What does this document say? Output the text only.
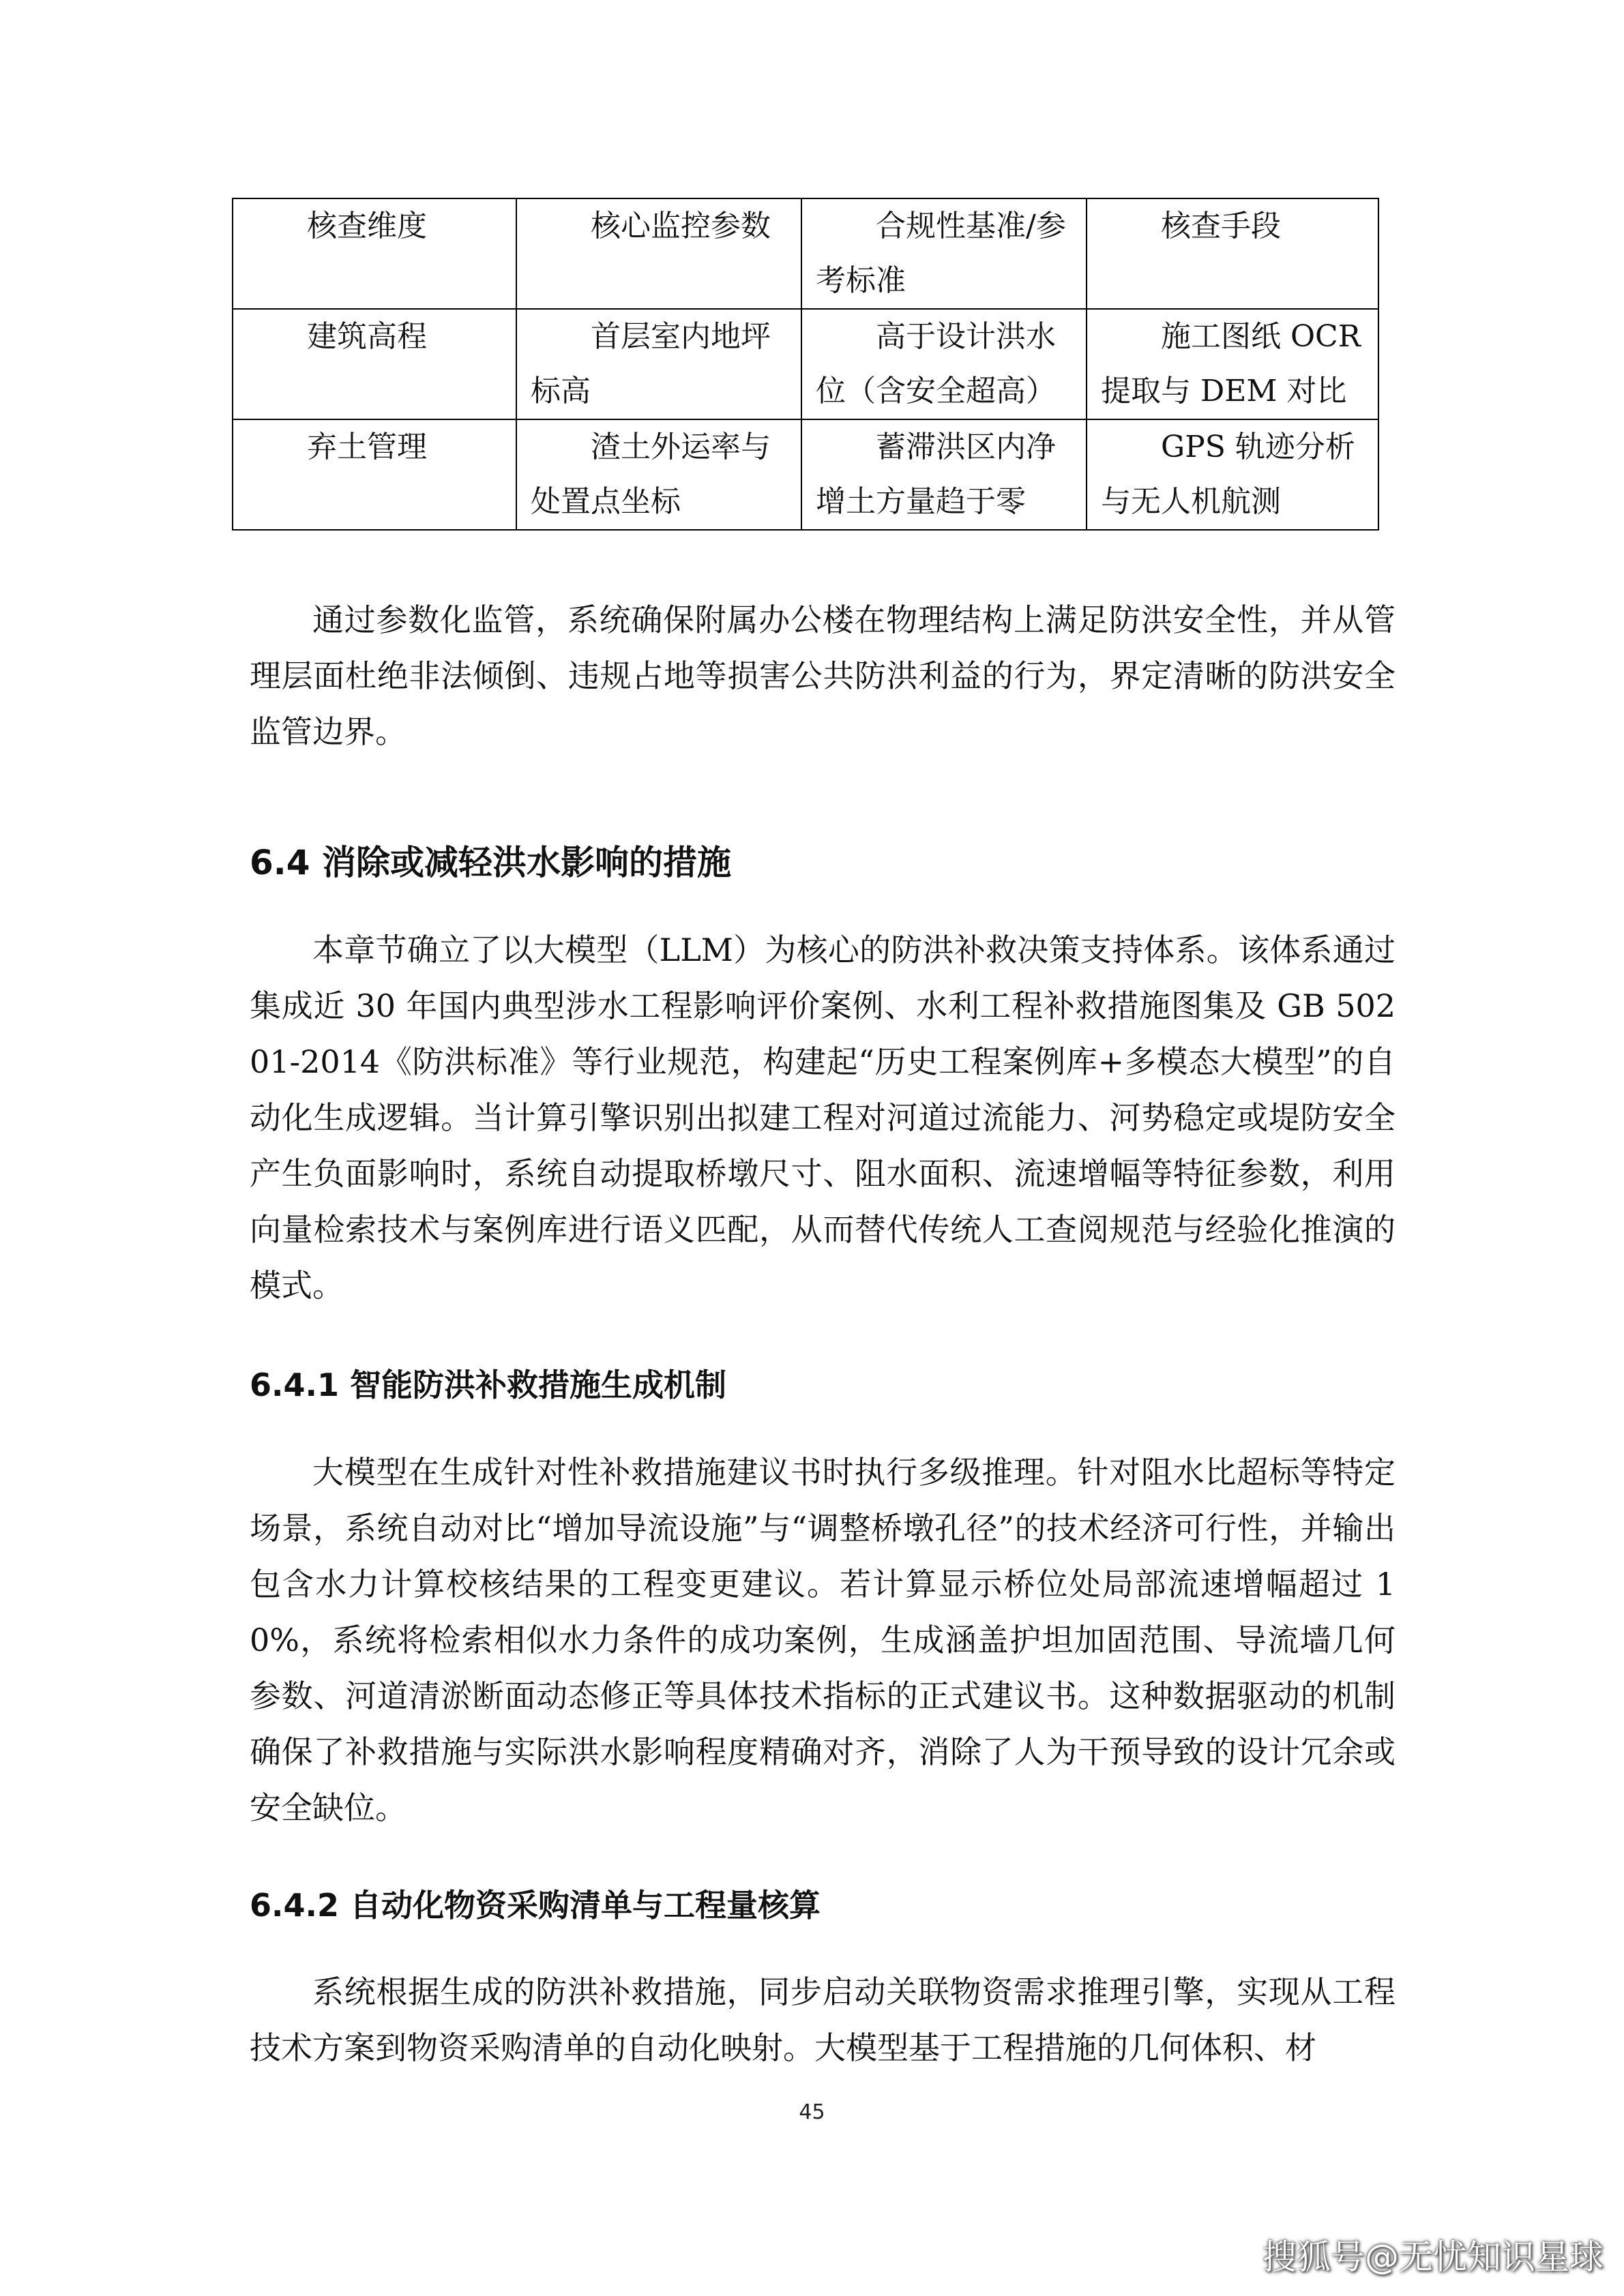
核查维度	核心监控参数	合规性基准/参考标准	核查手段
建筑高程	首层室内地坪标高	高于设计洪水位（含安全超高）	施工图纸 OCR 提取与 DEM 对比
弃土管理	渣土外运率与处置点坐标	蓄滞洪区内净增土方量趋于零	GPS 轨迹分析与无人机航测

通过参数化监管，系统确保附属办公楼在物理结构上满足防洪安全性，并从管理层面杜绝非法倾倒、违规占地等损害公共防洪利益的行为，界定清晰的防洪安全监管边界。

6.4 消除或减轻洪水影响的措施

本章节确立了以大模型（LLM）为核心的防洪补救决策支持体系。该体系通过集成近 30 年国内典型涉水工程影响评价案例、水利工程补救措施图集及 GB 50201-2014《防洪标准》等行业规范，构建起“历史工程案例库+多模态大模型”的自动化生成逻辑。当计算引擎识别出拟建工程对河道过流能力、河势稳定或堤防安全产生负面影响时，系统自动提取桥墩尺寸、阻水面积、流速增幅等特征参数，利用向量检索技术与案例库进行语义匹配，从而替代传统人工查阅规范与经验化推演的模式。

6.4.1 智能防洪补救措施生成机制

大模型在生成针对性补救措施建议书时执行多级推理。针对阻水比超标等特定场景，系统自动对比“增加导流设施”与“调整桥墩孔径”的技术经济可行性，并输出包含水力计算校核结果的工程变更建议。若计算显示桥位处局部流速增幅超过 10%，系统将检索相似水力条件的成功案例，生成涵盖护坦加固范围、导流墙几何参数、河道清淤断面动态修正等具体技术指标的正式建议书。这种数据驱动的机制确保了补救措施与实际洪水影响程度精确对齐，消除了人为干预导致的设计冗余或安全缺位。

6.4.2 自动化物资采购清单与工程量核算

系统根据生成的防洪补救措施，同步启动关联物资需求推理引擎，实现从工程技术方案到物资采购清单的自动化映射。大模型基于工程措施的几何体积、材

45
搜狐号@无忧知识星球
